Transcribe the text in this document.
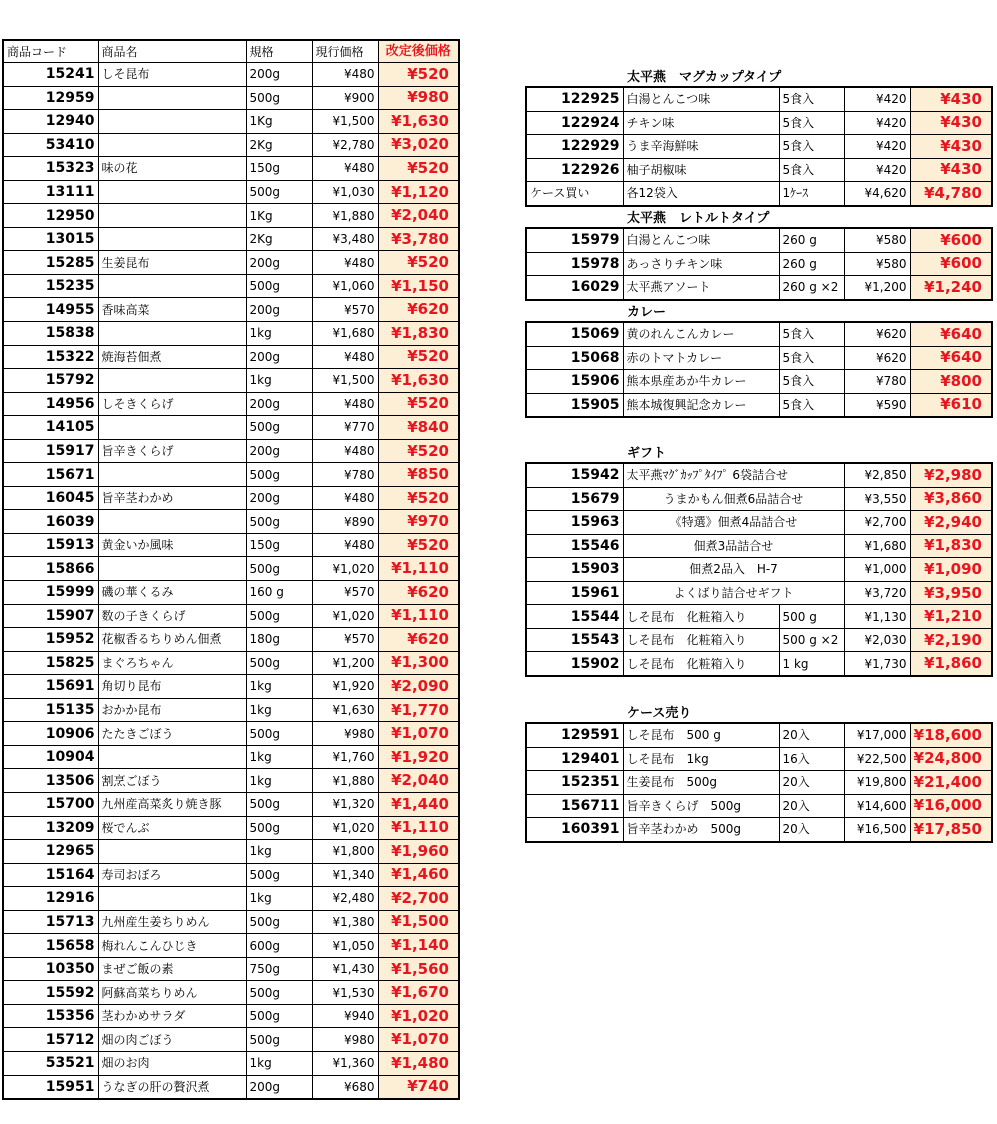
商品コード	商品名	規格	現行価格	改定後価格
15241	しそ昆布	200g	¥480	¥520
12959		500g	¥900	¥980
12940		1Kg	¥1,500	¥1,630
53410		2Kg	¥2,780	¥3,020
15323	味の花	150g	¥480	¥520
13111		500g	¥1,030	¥1,120
12950		1Kg	¥1,880	¥2,040
13015		2Kg	¥3,480	¥3,780
15285	生姜昆布	200g	¥480	¥520
15235		500g	¥1,060	¥1,150
14955	香味高菜	200g	¥570	¥620
15838		1kg	¥1,680	¥1,830
15322	焼海苔佃煮	200g	¥480	¥520
15792		1kg	¥1,500	¥1,630
14956	しそきくらげ	200g	¥480	¥520
14105		500g	¥770	¥840
15917	旨辛きくらげ	200g	¥480	¥520
15671		500g	¥780	¥850
16045	旨辛茎わかめ	200g	¥480	¥520
16039		500g	¥890	¥970
15913	黄金いか風味	150g	¥480	¥520
15866		500g	¥1,020	¥1,110
15999	磯の華くるみ	160 g	¥570	¥620
15907	数の子きくらげ	500g	¥1,020	¥1,110
15952	花椒香るちりめん佃煮	180g	¥570	¥620
15825	まぐろちゃん	500g	¥1,200	¥1,300
15691	角切り昆布	1kg	¥1,920	¥2,090
15135	おかか昆布	1kg	¥1,630	¥1,770
10906	たたきごぼう	500g	¥980	¥1,070
10904		1kg	¥1,760	¥1,920
13506	割烹ごぼう	1kg	¥1,880	¥2,040
15700	九州産高菜炙り焼き豚	500g	¥1,320	¥1,440
13209	桜でんぶ	500g	¥1,020	¥1,110
12965		1kg	¥1,800	¥1,960
15164	寿司おぼろ	500g	¥1,340	¥1,460
12916		1kg	¥2,480	¥2,700
15713	九州産生姜ちりめん	500g	¥1,380	¥1,500
15658	梅れんこんひじき	600g	¥1,050	¥1,140
10350	まぜご飯の素	750g	¥1,430	¥1,560
15592	阿蘇高菜ちりめん	500g	¥1,530	¥1,670
15356	茎わかめサラダ	500g	¥940	¥1,020
15712	畑の肉ごぼう	500g	¥980	¥1,070
53521	畑のお肉	1kg	¥1,360	¥1,480
15951	うなぎの肝の贅沢煮	200g	¥680	¥740
太平燕　マグカップタイプ
122925	白湯とんこつ味	5食入	¥420	¥430
122924	チキン味	5食入	¥420	¥430
122929	うま辛海鮮味	5食入	¥420	¥430
122926	柚子胡椒味	5食入	¥420	¥430
ケース買い	各12袋入	1ｹｰｽ	¥4,620	¥4,780
太平燕　レトルトタイプ
15979	白湯とんこつ味	260 g	¥580	¥600
15978	あっさりチキン味	260 g	¥580	¥600
16029	太平燕アソート	260 g ×2	¥1,200	¥1,240
カレー
15069	黄のれんこんカレー	5食入	¥620	¥640
15068	赤のトマトカレー	5食入	¥620	¥640
15906	熊本県産あか牛カレー	5食入	¥780	¥800
15905	熊本城復興記念カレー	5食入	¥590	¥610
ギフト
15942	太平燕ﾏｸﾞｶｯﾌﾟﾀｲﾌﾟ 6袋詰合せ		¥2,850	¥2,980
15679	うまかもん佃煮6品詰合せ		¥3,550	¥3,860
15963	《特選》佃煮4品詰合せ		¥2,700	¥2,940
15546	佃煮3品詰合せ		¥1,680	¥1,830
15903	佃煮2品入　H-7		¥1,000	¥1,090
15961	よくばり詰合せギフト		¥3,720	¥3,950
15544	しそ昆布　化粧箱入り	500 g	¥1,130	¥1,210
15543	しそ昆布　化粧箱入り	500 g ×2	¥2,030	¥2,190
15902	しそ昆布　化粧箱入り	1 kg	¥1,730	¥1,860
ケース売り
129591	しそ昆布　500 g	20入	¥17,000	¥18,600
129401	しそ昆布　1kg	16入	¥22,500	¥24,800
152351	生姜昆布　500g	20入	¥19,800	¥21,400
156711	旨辛きくらげ　500g	20入	¥14,600	¥16,000
160391	旨辛茎わかめ　500g	20入	¥16,500	¥17,850
